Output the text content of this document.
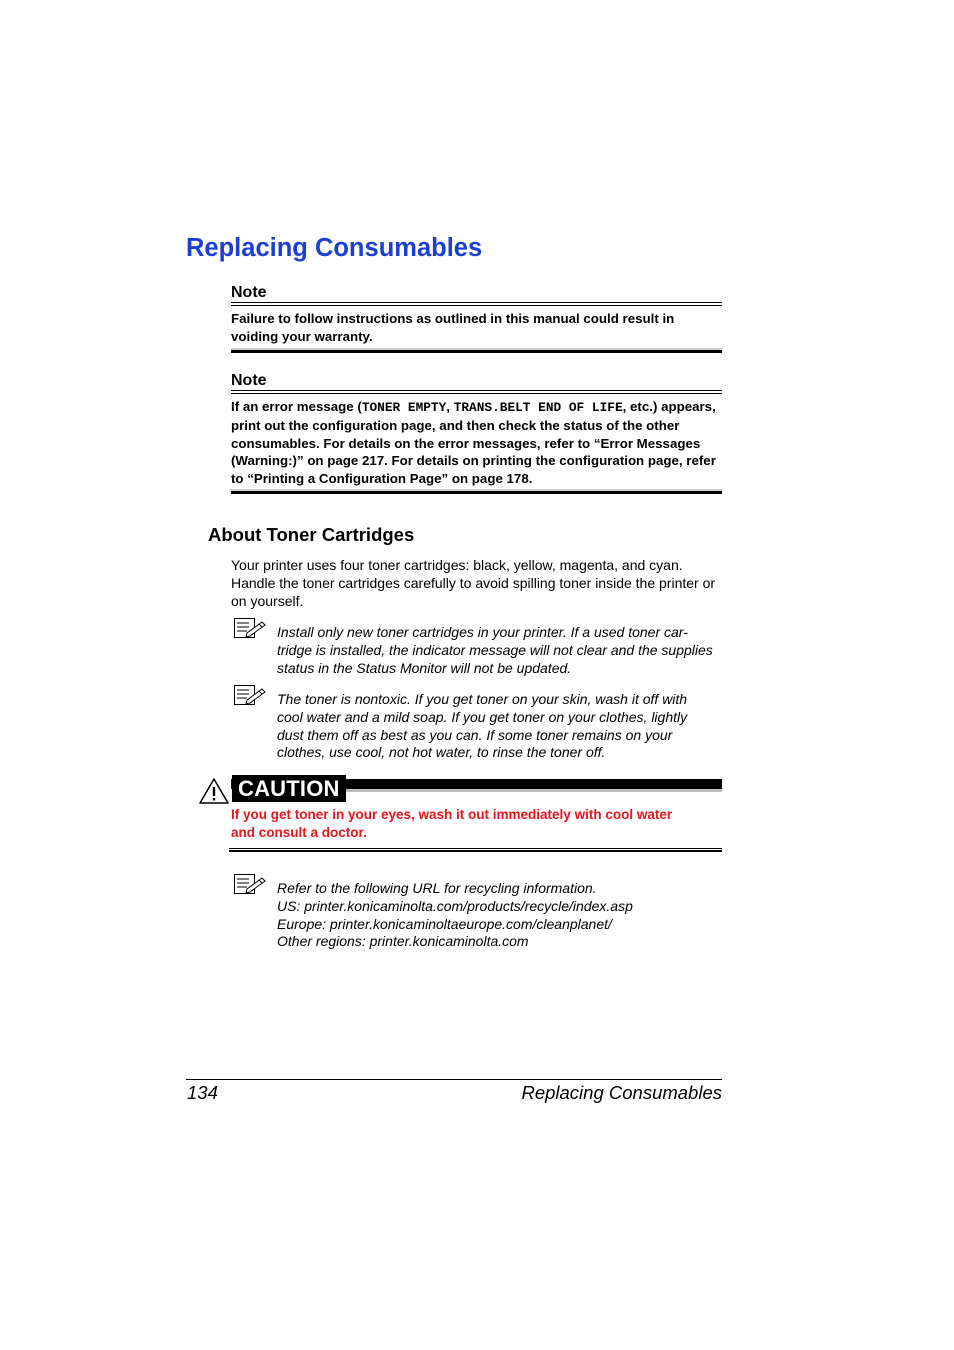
Replacing Consumables
Note
Failure to follow instructions as outlined in this manual could result in voiding your warranty.
Note
If an error message (TONER EMPTY, TRANS.BELT END OF LIFE, etc.) appears, print out the configuration page, and then check the status of the other consumables. For details on the error messages, refer to “Error Messages (Warning:)” on page 217. For details on printing the configuration page, refer to “Printing a Configuration Page” on page 178.
About Toner Cartridges
Your printer uses four toner cartridges: black, yellow, magenta, and cyan. Handle the toner cartridges carefully to avoid spilling toner inside the printer or on yourself.
Install only new toner cartridges in your printer. If a used toner car-
tridge is installed, the indicator message will not clear and the supplies
status in the Status Monitor will not be updated.
The toner is nontoxic. If you get toner on your skin, wash it off with
cool water and a mild soap. If you get toner on your clothes, lightly
dust them off as best as you can. If some toner remains on your
clothes, use cool, not hot water, to rinse the toner off.
CAUTION
If you get toner in your eyes, wash it out immediately with cool water
and consult a doctor.
Refer to the following URL for recycling information.
US: printer.konicaminolta.com/products/recycle/index.asp
Europe: printer.konicaminoltaeurope.com/cleanplanet/
Other regions: printer.konicaminolta.com
134	Replacing Consumables
